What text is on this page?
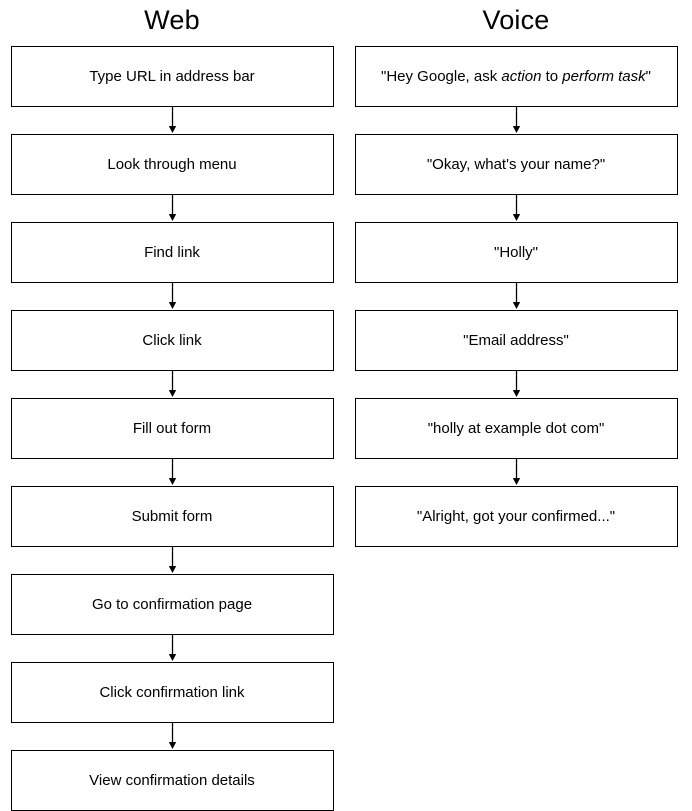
Web
Type URL in address bar
Look through menu
Find link
Click link
Fill out form
Submit form
Go to confirmation page
Click confirmation link
View confirmation details
Voice
"Hey Google, ask action to perform task"
"Okay, what's your name?"
"Holly"
"Email address"
"holly at example dot com"
"Alright, got your confirmed..."
